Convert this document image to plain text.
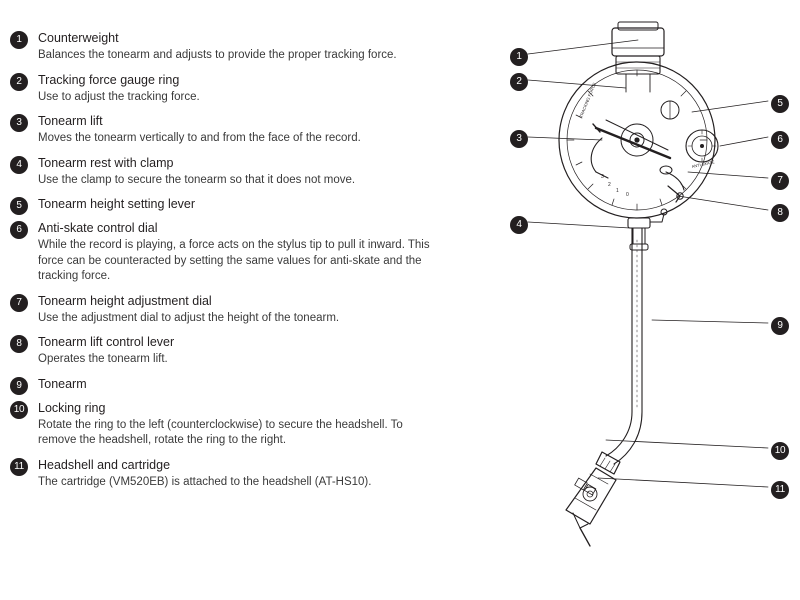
1	Counterweight
Balances the tonearm and adjusts to provide the proper tracking force.
2	Tracking force gauge ring
Use to adjust the tracking force.
3	Tonearm lift
Moves the tonearm vertically to and from the face of the record.
4	Tonearm rest with clamp
Use the clamp to secure the tonearm so that it does not move.
5	Tonearm height setting lever
6	Anti-skate control dial
While the record is playing, a force acts on the stylus tip to pull it inward. This force can be counteracted by setting the same values for anti-skate and the tracking force.
7	Tonearm height adjustment dial
Use the adjustment dial to adjust the height of the tonearm.
8	Tonearm lift control lever
Operates the tonearm lift.
9	Tonearm
10 Locking ring
Rotate the ring to the left (counterclockwise) to secure the headshell. To remove the headshell, rotate the ring to the right.
11	Headshell and cartridge
The cartridge (VM520EB) is attached to the headshell (AT-HS10).
TRACKING FORCE
ANTI-SKATE
0
1
2
3
1
2
3
4
5
6
7
8
9
10
11
